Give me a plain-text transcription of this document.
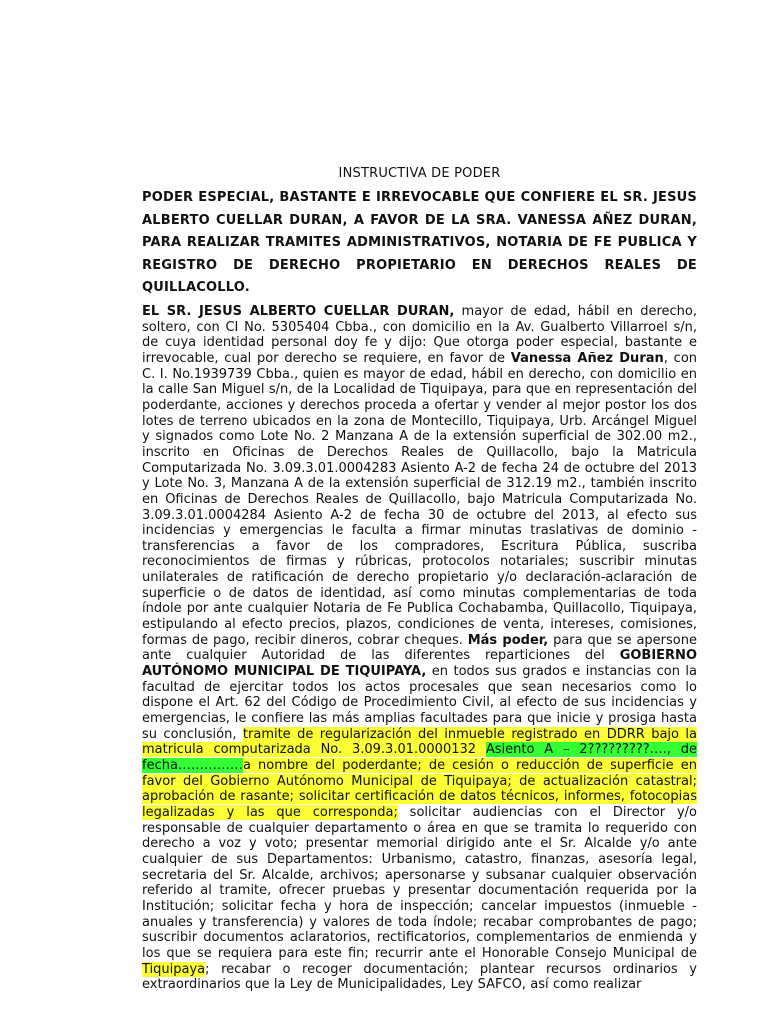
INSTRUCTIVA DE PODER
PODER ESPECIAL, BASTANTE E IRREVOCABLE QUE CONFIERE EL SR. JESUS ALBERTO CUELLAR DURAN, A FAVOR DE LA SRA. VANESSA AÑEZ DURAN, PARA REALIZAR TRAMITES ADMINISTRATIVOS, NOTARIA DE FE PUBLICA Y REGISTRO DE DERECHO PROPIETARIO EN DERECHOS REALES DE QUILLACOLLO.

EL SR. JESUS ALBERTO CUELLAR DURAN, mayor de edad, hábil en derecho, soltero, con CI No. 5305404 Cbba., con domicilio en la Av. Gualberto Villarroel s/n, de cuya identidad personal doy fe y dijo: Que otorga poder especial, bastante e irrevocable, cual por derecho se requiere, en favor de Vanessa Añez Duran, con C. I. No.1939739 Cbba., quien es mayor de edad, hábil en derecho, con domicilio en la calle San Miguel s/n, de la Localidad de Tiquipaya, para que en representación del poderdante, acciones y derechos proceda a ofertar y vender al mejor postor los dos lotes de terreno ubicados en la zona de Montecillo, Tiquipaya, Urb. Arcángel Miguel y signados como Lote No. 2 Manzana A de la extensión superficial de 302.00 m2., inscrito en Oficinas de Derechos Reales de Quillacollo, bajo la Matricula Computarizada No. 3.09.3.01.0004283 Asiento A-2 de fecha 24 de octubre del 2013 y Lote No. 3, Manzana A de la extensión superficial de 312.19 m2., también inscrito en Oficinas de Derechos Reales de Quillacollo, bajo Matricula Computarizada No. 3.09.3.01.0004284 Asiento A-2 de fecha 30 de octubre del 2013, al efecto sus incidencias y emergencias le faculta a firmar minutas traslativas de dominio - transferencias a favor de los compradores, Escritura Pública, suscriba reconocimientos de firmas y rúbricas, protocolos notariales; suscribir minutas unilaterales de ratificación de derecho propietario y/o declaración-aclaración de superficie o de datos de identidad, así como minutas complementarias de toda índole por ante cualquier Notaria de Fe Publica Cochabamba, Quillacollo, Tiquipaya, estipulando al efecto precios, plazos, condiciones de venta, intereses, comisiones, formas de pago, recibir dineros, cobrar cheques. Más poder, para que se apersone ante cualquier Autoridad de las diferentes reparticiones del GOBIERNO AUTÓNOMO MUNICIPAL DE TIQUIPAYA, en todos sus grados e instancias con la facultad de ejercitar todos los actos procesales que sean necesarios como lo dispone el Art. 62 del Código de Procedimiento Civil, al efecto de sus incidencias y emergencias, le confiere las más amplias facultades para que inicie y prosiga hasta su conclusión, tramite de regularización del inmueble registrado en DDRR bajo la matricula computarizada No. 3.09.3.01.0000132 Asiento A – 2?????????…., de fecha……………a nombre del poderdante; de cesión o reducción de superficie en favor del Gobierno Autónomo Municipal de Tiquipaya; de actualización catastral; aprobación de rasante; solicitar certificación de datos técnicos, informes, fotocopias legalizadas y las que corresponda; solicitar audiencias con el Director y/o responsable de cualquier departamento o área en que se tramita lo requerido con derecho a voz y voto; presentar memorial dirigido ante el Sr. Alcalde y/o ante cualquier de sus Departamentos: Urbanismo, catastro, finanzas, asesoría legal, secretaria del Sr. Alcalde, archivos; apersonarse y subsanar cualquier observación referido al tramite, ofrecer pruebas y presentar documentación requerida por la Institución; solicitar fecha y hora de inspección; cancelar impuestos (inmueble - anuales y transferencia) y valores de toda índole; recabar comprobantes de pago; suscribir documentos aclaratorios, rectificatorios, complementarios de enmienda y los que se requiera para este fin; recurrir ante el Honorable Consejo Municipal de Tiquipaya; recabar o recoger documentación; plantear recursos ordinarios y extraordinarios que la Ley de Municipalidades, Ley SAFCO, así como realizar
